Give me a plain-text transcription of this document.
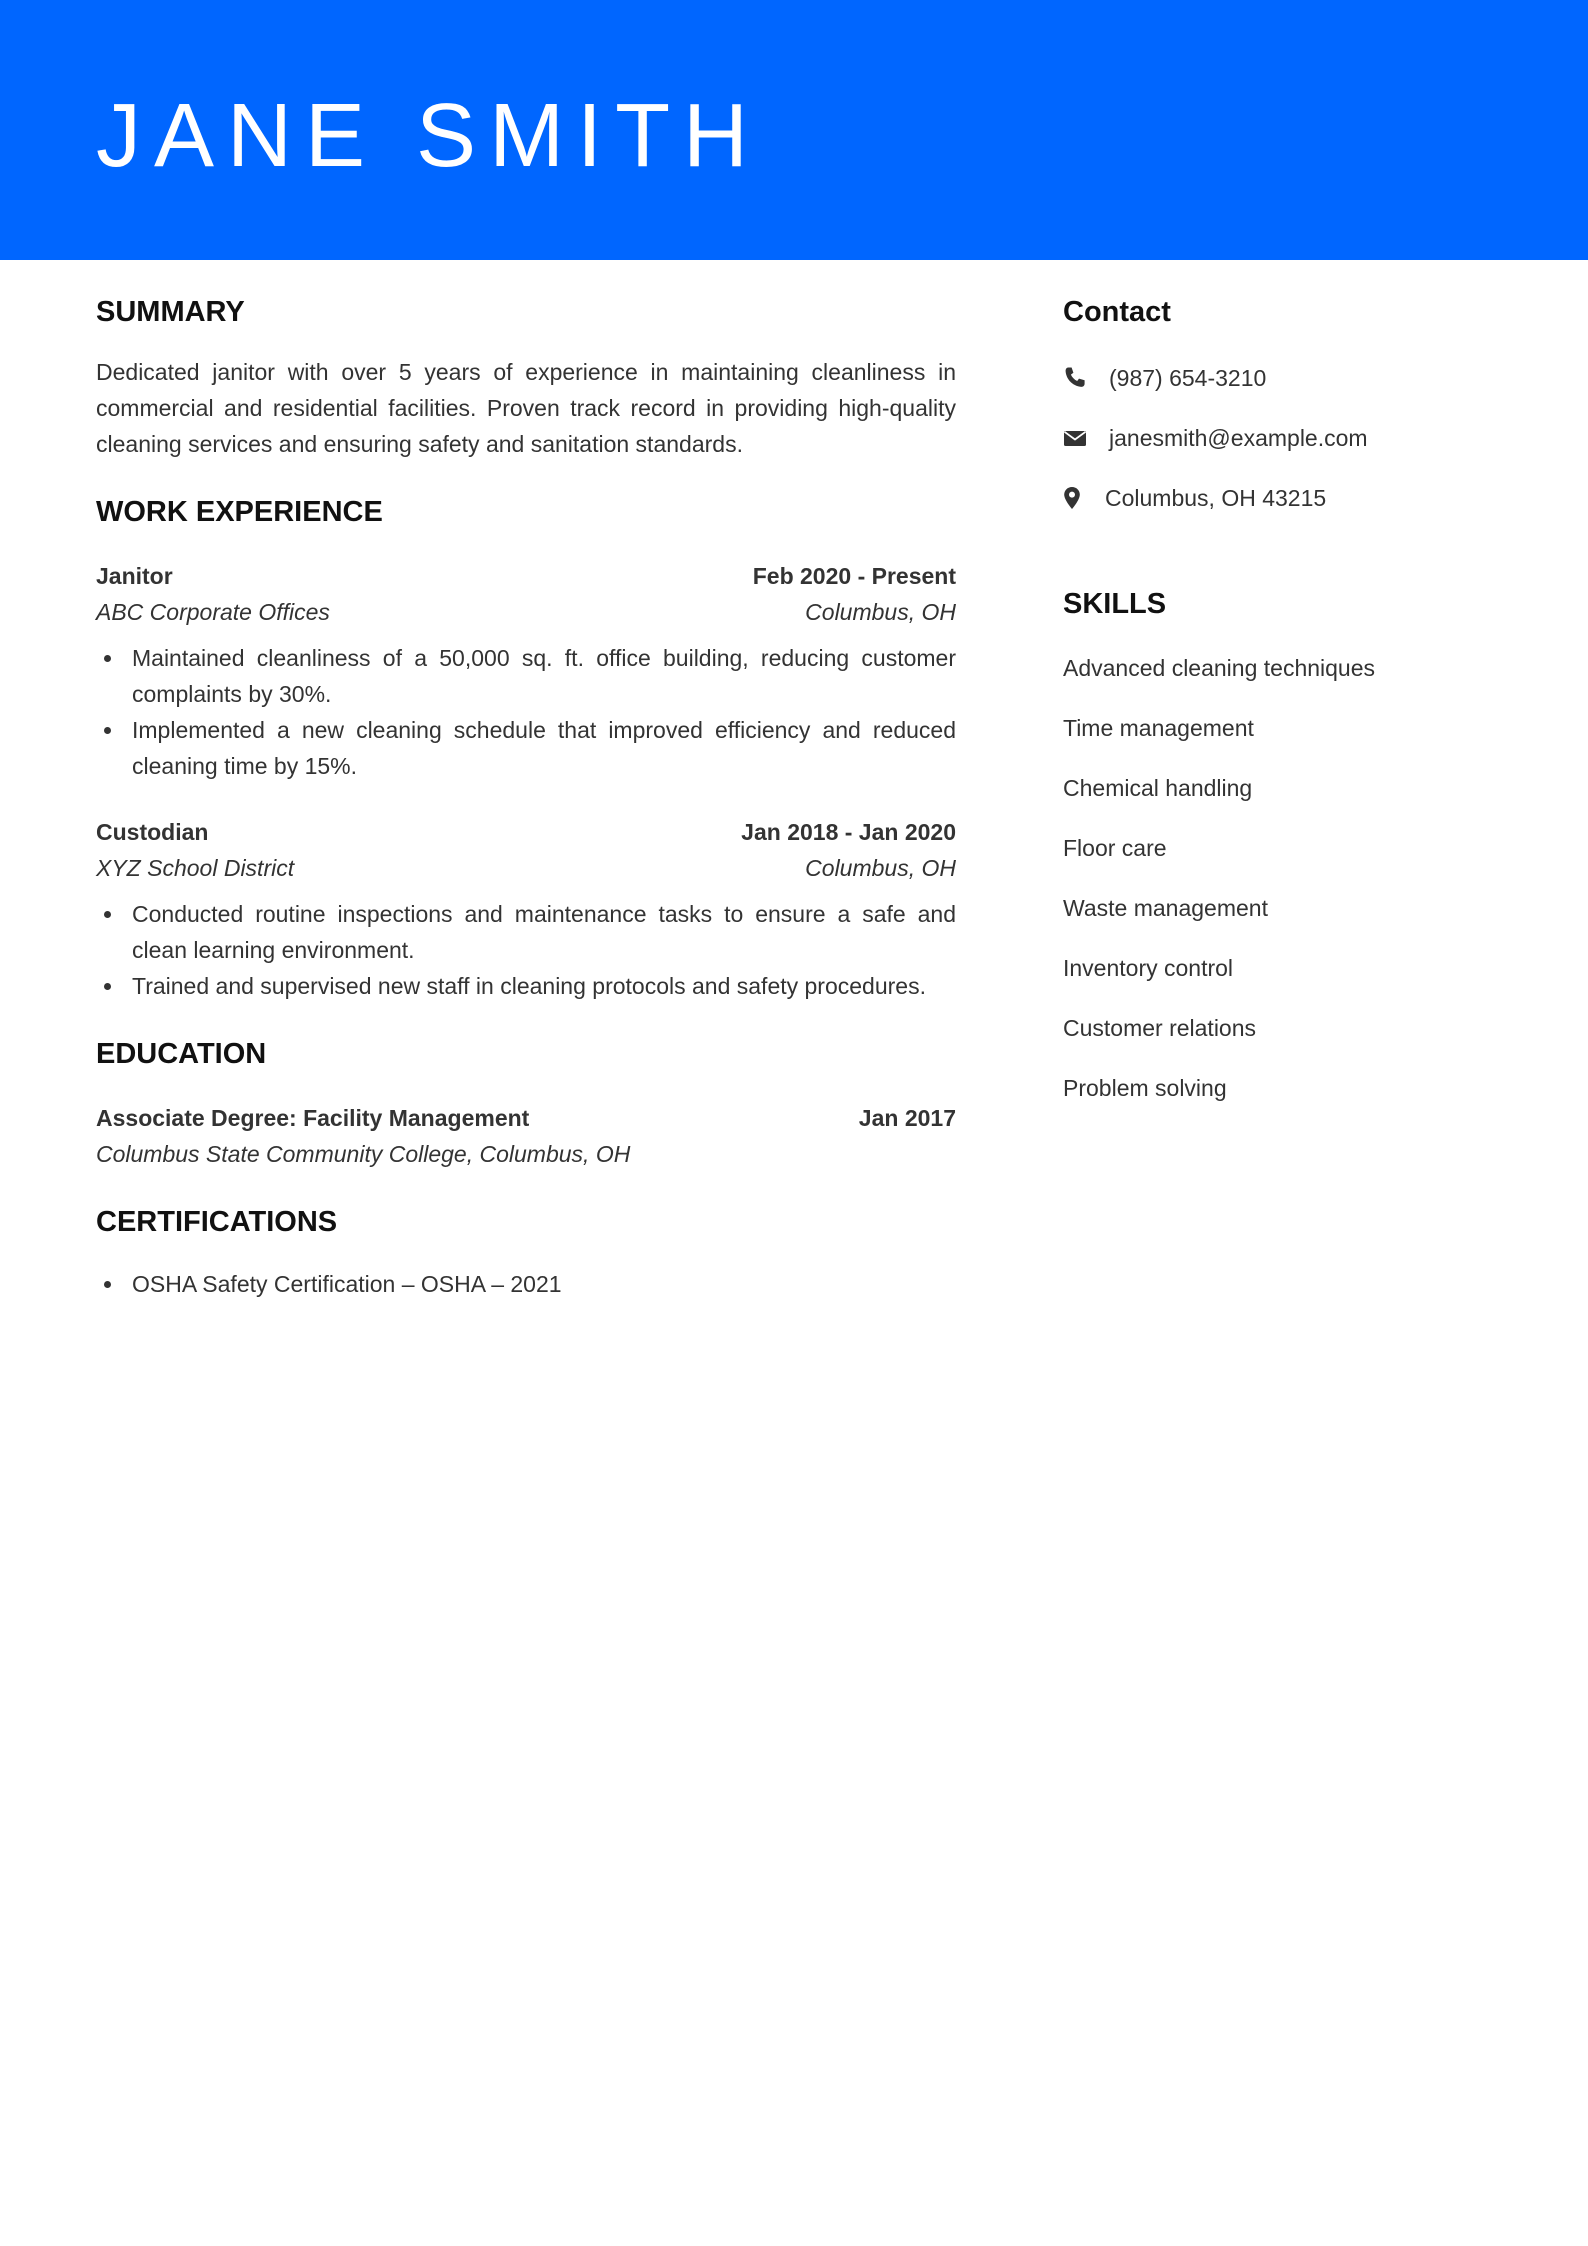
JANE SMITH
SUMMARY

Dedicated janitor with over 5 years of experience in maintaining cleanliness in commercial and residential facilities. Proven track record in providing high-quality cleaning services and ensuring safety and sanitation standards.

WORK EXPERIENCE
Janitor	Feb 2020 - Present
ABC Corporate Offices	Columbus, OH
Maintained cleanliness of a 50,000 sq. ft. office building, reducing customer complaints by 30%.
Implemented a new cleaning schedule that improved efficiency and reduced cleaning time by 15%.
Custodian	Jan 2018 - Jan 2020
XYZ School District	Columbus, OH
Conducted routine inspections and maintenance tasks to ensure a safe and clean learning environment.
Trained and supervised new staff in cleaning protocols and safety procedures.
EDUCATION
Associate Degree: Facility Management	Jan 2017
Columbus State Community College, Columbus, OH
CERTIFICATIONS
OSHA Safety Certification – OSHA – 2021
Contact
(987) 654-3210
janesmith@example.com
Columbus, OH 43215
SKILLS
Advanced cleaning techniques
Time management
Chemical handling
Floor care
Waste management
Inventory control
Customer relations
Problem solving
